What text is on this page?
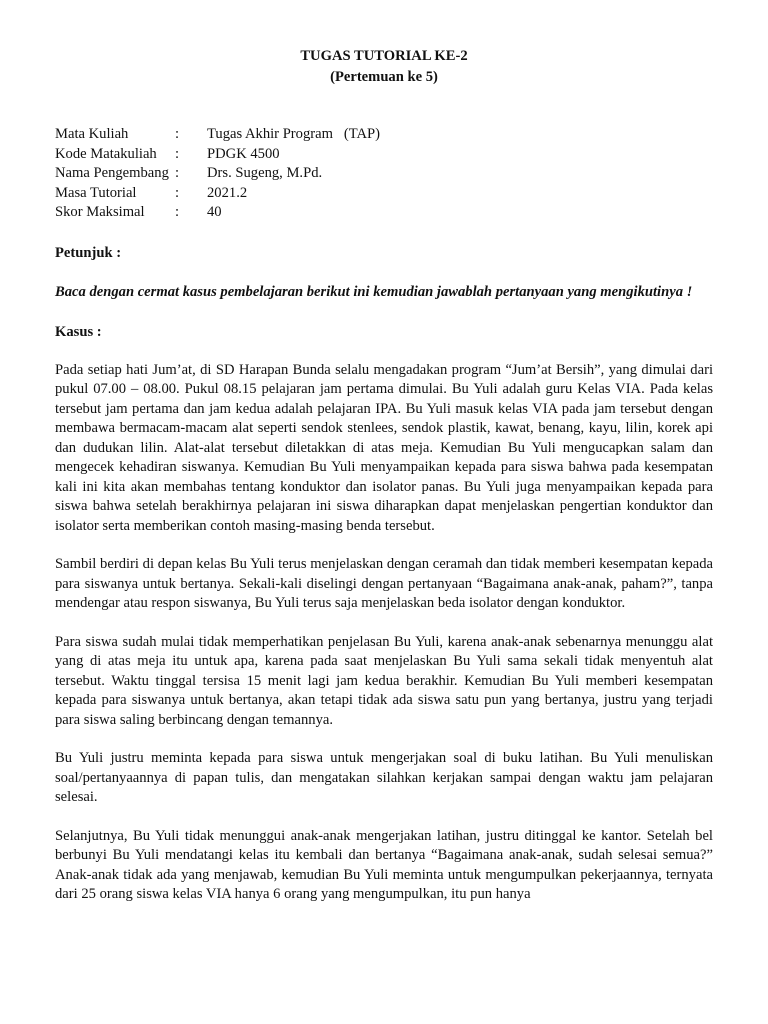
TUGAS TUTORIAL KE-2
(Pertemuan ke 5)
Mata Kuliah	:	Tugas Akhir Program   (TAP)
Kode Matakuliah	:	PDGK 4500
Nama Pengembang :	Drs. Sugeng, M.Pd.
Masa Tutorial	:	2021.2
Skor Maksimal	:	40
Petunjuk :
Baca dengan cermat kasus pembelajaran berikut ini kemudian jawablah pertanyaan yang mengikutinya !
Kasus :

Pada setiap hati Jum’at, di SD Harapan Bunda selalu mengadakan program “Jum’at Bersih”, yang dimulai dari pukul 07.00 – 08.00. Pukul 08.15 pelajaran jam pertama dimulai. Bu Yuli adalah guru Kelas VIA. Pada kelas tersebut jam pertama dan jam kedua adalah pelajaran IPA. Bu Yuli masuk kelas VIA pada jam tersebut dengan membawa bermacam-macam alat seperti sendok stenlees, sendok plastik, kawat, benang, kayu, lilin, korek api dan dudukan lilin. Alat-alat tersebut diletakkan di atas meja. Kemudian Bu Yuli mengucapkan salam dan mengecek kehadiran siswanya. Kemudian Bu Yuli menyampaikan kepada para siswa bahwa pada kesempatan kali ini kita akan membahas tentang konduktor dan isolator panas. Bu Yuli juga menyampaikan kepada para siswa bahwa setelah berakhirnya pelajaran ini siswa diharapkan dapat menjelaskan pengertian konduktor dan isolator serta memberikan contoh masing-masing benda tersebut.

Sambil berdiri di depan kelas Bu Yuli terus menjelaskan dengan ceramah dan tidak memberi kesempatan kepada para siswanya untuk bertanya. Sekali-kali diselingi dengan pertanyaan “Bagaimana anak-anak, paham?”, tanpa mendengar atau respon siswanya, Bu Yuli terus saja menjelaskan beda isolator dengan konduktor.

Para siswa sudah mulai tidak memperhatikan penjelasan Bu Yuli, karena anak-anak sebenarnya menunggu alat yang di atas meja itu untuk apa, karena pada saat menjelaskan Bu Yuli sama sekali tidak menyentuh alat tersebut. Waktu tinggal tersisa 15 menit lagi jam kedua berakhir. Kemudian Bu Yuli memberi kesempatan kepada para siswanya untuk bertanya, akan tetapi tidak ada siswa satu pun yang bertanya, justru yang terjadi para siswa saling berbincang dengan temannya.

Bu Yuli justru meminta kepada para siswa untuk mengerjakan soal di buku latihan. Bu Yuli menuliskan soal/pertanyaannya di papan tulis, dan mengatakan silahkan kerjakan sampai dengan waktu jam pelajaran selesai.

Selanjutnya, Bu Yuli tidak menunggui anak-anak mengerjakan latihan, justru ditinggal ke kantor. Setelah bel berbunyi Bu Yuli mendatangi kelas itu kembali dan bertanya “Bagaimana anak-anak, sudah selesai semua?” Anak-anak tidak ada yang menjawab, kemudian Bu Yuli meminta untuk mengumpulkan pekerjaannya, ternyata dari 25 orang siswa kelas VIA hanya 6 orang yang mengumpulkan, itu pun hanya
